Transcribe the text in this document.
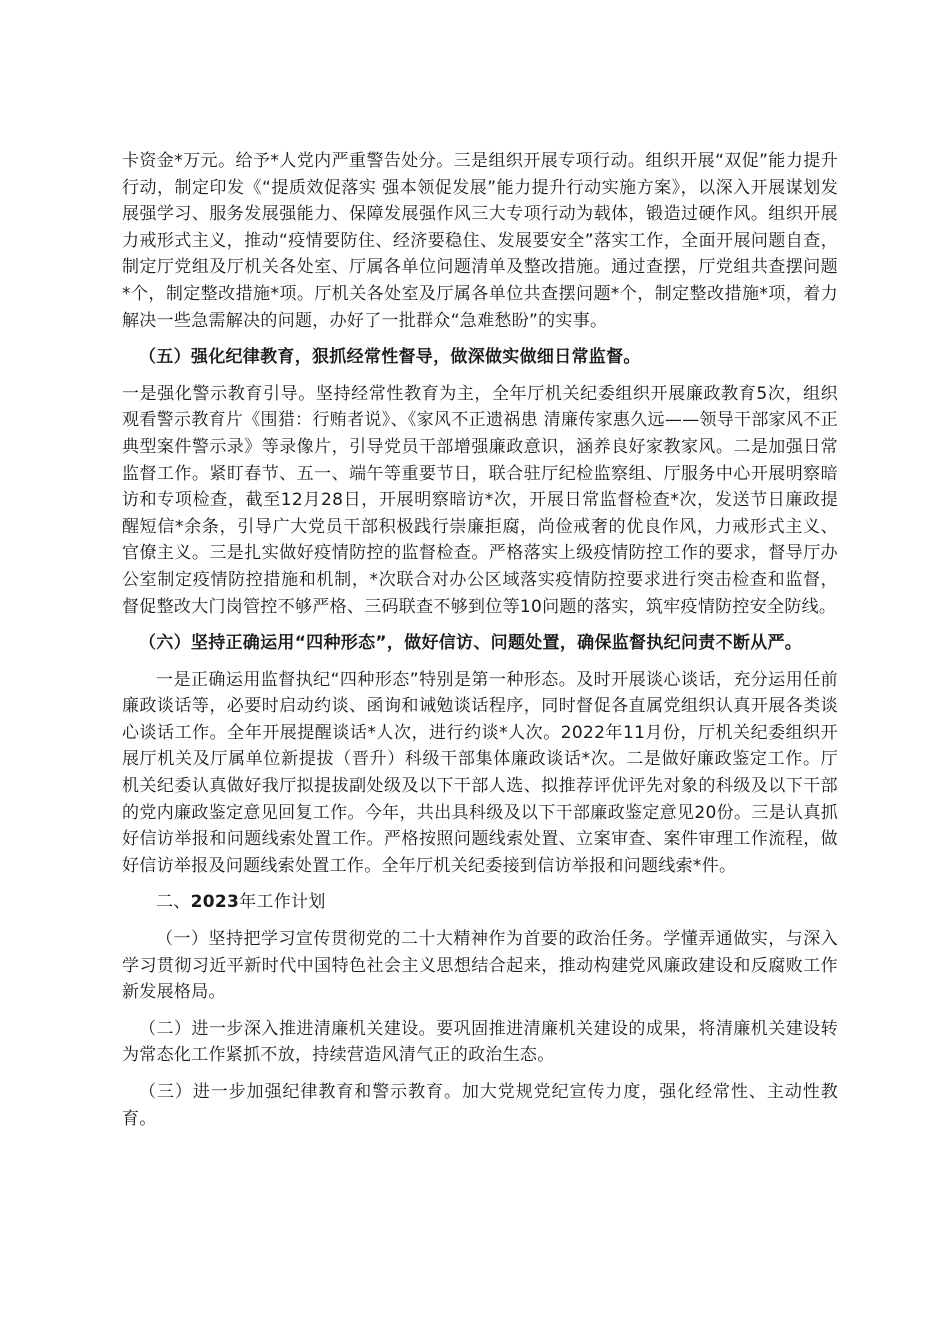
卡资金*万元。给予*人党内严重警告处分。三是组织开展专项行动。组织开展“双促”能力提升行动，制定印发《“提质效促落实 强本领促发展”能力提升行动实施方案》，以深入开展谋划发展强学习、服务发展强能力、保障发展强作风三大专项行动为载体，锻造过硬作风。组织开展力戒形式主义，推动“疫情要防住、经济要稳住、发展要安全”落实工作，全面开展问题自查，制定厅党组及厅机关各处室、厅属各单位问题清单及整改措施。通过查摆，厅党组共查摆问题*个，制定整改措施*项。厅机关各处室及厅属各单位共查摆问题*个，制定整改措施*项，着力解决一些急需解决的问题，办好了一批群众“急难愁盼”的实事。

（五）强化纪律教育，狠抓经常性督导，做深做实做细日常监督。

一是强化警示教育引导。坚持经常性教育为主，全年厅机关纪委组织开展廉政教育5次，组织观看警示教育片《围猎：行贿者说》、《家风不正遗祸患 清廉传家惠久远——领导干部家风不正典型案件警示录》等录像片，引导党员干部增强廉政意识，涵养良好家教家风。二是加强日常监督工作。紧盯春节、五一、端午等重要节日，联合驻厅纪检监察组、厅服务中心开展明察暗访和专项检查，截至12月28日，开展明察暗访*次，开展日常监督检查*次，发送节日廉政提醒短信*余条，引导广大党员干部积极践行崇廉拒腐，尚俭戒奢的优良作风，力戒形式主义、官僚主义。三是扎实做好疫情防控的监督检查。严格落实上级疫情防控工作的要求，督导厅办公室制定疫情防控措施和机制，*次联合对办公区域落实疫情防控要求进行突击检查和监督，督促整改大门岗管控不够严格、三码联查不够到位等10问题的落实，筑牢疫情防控安全防线。

（六）坚持正确运用“四种形态”，做好信访、问题处置，确保监督执纪问责不断从严。

一是正确运用监督执纪“四种形态”特别是第一种形态。及时开展谈心谈话，充分运用任前廉政谈话等，必要时启动约谈、函询和诫勉谈话程序，同时督促各直属党组织认真开展各类谈心谈话工作。全年开展提醒谈话*人次，进行约谈*人次。2022年11月份，厅机关纪委组织开展厅机关及厅属单位新提拔（晋升）科级干部集体廉政谈话*次。二是做好廉政鉴定工作。厅机关纪委认真做好我厅拟提拔副处级及以下干部人选、拟推荐评优评先对象的科级及以下干部的党内廉政鉴定意见回复工作。今年，共出具科级及以下干部廉政鉴定意见20份。三是认真抓好信访举报和问题线索处置工作。严格按照问题线索处置、立案审查、案件审理工作流程，做好信访举报及问题线索处置工作。全年厅机关纪委接到信访举报和问题线索*件。

二、2023年工作计划

（一）坚持把学习宣传贯彻党的二十大精神作为首要的政治任务。学懂弄通做实，与深入学习贯彻习近平新时代中国特色社会主义思想结合起来，推动构建党风廉政建设和反腐败工作新发展格局。

（二）进一步深入推进清廉机关建设。要巩固推进清廉机关建设的成果，将清廉机关建设转为常态化工作紧抓不放，持续营造风清气正的政治生态。

（三）进一步加强纪律教育和警示教育。加大党规党纪宣传力度，强化经常性、主动性教育。
